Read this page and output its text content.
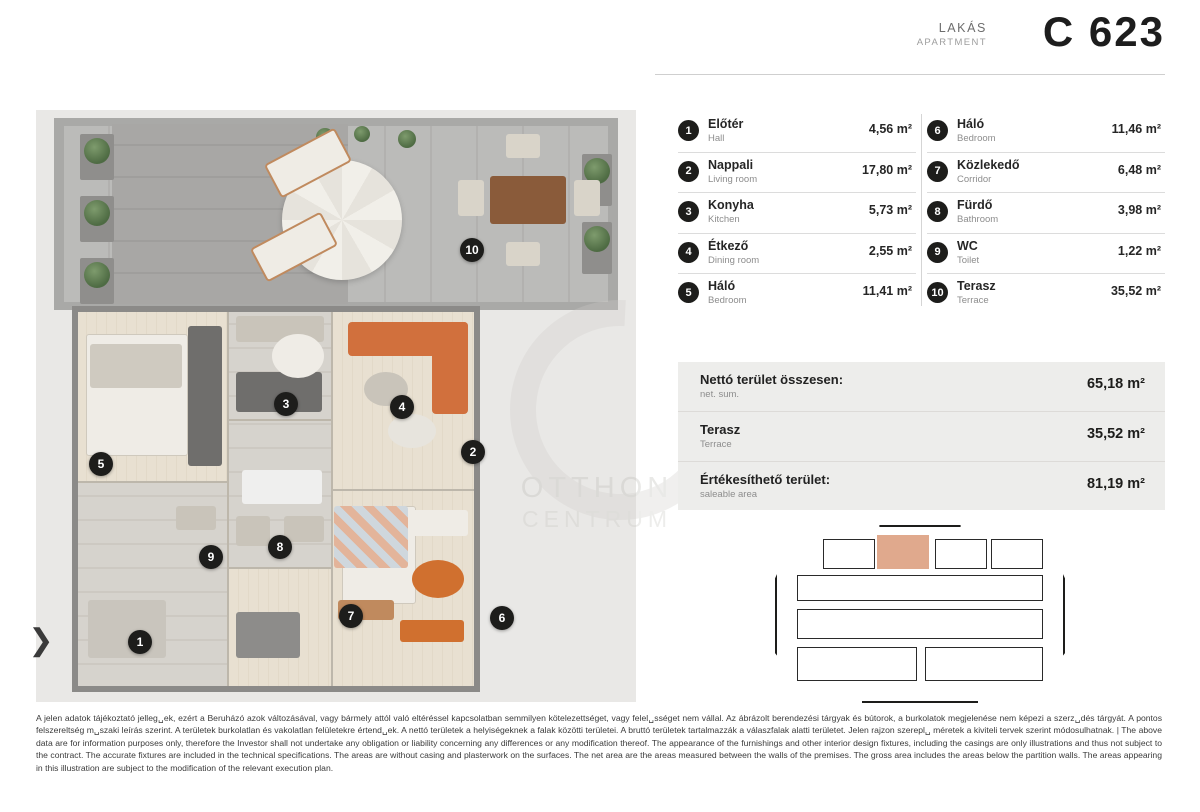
LAKÁS
APARTMENT C 623
1
2
3	4
5
6
7
8
9
10
OTTHON
CENTRUM
❯
1	Előtér
Hall
4,56 m²
2	Nappali
Living room
17,80 m²
3	Konyha
Kitchen
5,73 m²
4	Étkező
Dining room
2,55 m²
5	Háló
Bedroom
11,41 m²
6	Háló
Bedroom
11,46 m²
7	Közlekedő
Corridor
6,48 m²
8	Fürdő
Bathroom
3,98 m²
9	WC
Toilet
1,22 m²
10	Terasz
Terrace
35,52 m²
Nettó terület összesen:
net. sum.
65,18 m²
Terasz
Terrace
35,52 m²
Értékesíthető terület:
saleable area
81,19 m²
A jelen adatok tájékoztató jelleg␣ek, ezért a Beruházó azok változásával, vagy bármely attól való eltéréssel kapcsolatban semmilyen kötelezettséget, vagy felel␣sséget nem vállal. Az ábrázolt berendezési tárgyak és bútorok, a burkolatok megjelenése nem képezi a szerz␣dés tárgyát. A pontos felszereltség m␣szaki leírás szerint. A területek burkolatlan és vakolatlan felületekre értend␣ek. A nettó területek a helyiségeknek a falak közötti területei. A bruttó területek tartalmazzák a válaszfalak alatti területet. Jelen rajzon szerepl␣ méretek a kiviteli tervek szerint módosulhatnak. | The above data are for information purposes only, therefore the Investor shall not undertake any obligation or liability concerning any differences or any modification thereof. The appearance of the furnishings and other interior design fixtures, including the casings are only illustrations and thus not subject to the contract. The accurate fixtures are included in the technical specifications. The areas are without casing and plasterwork on the surfaces. The net area are the areas measured between the walls of the premises. The gross area includes the areas below the partition walls. The areas appearing in this illustration are subject to the modification of the relevant execution plan.
